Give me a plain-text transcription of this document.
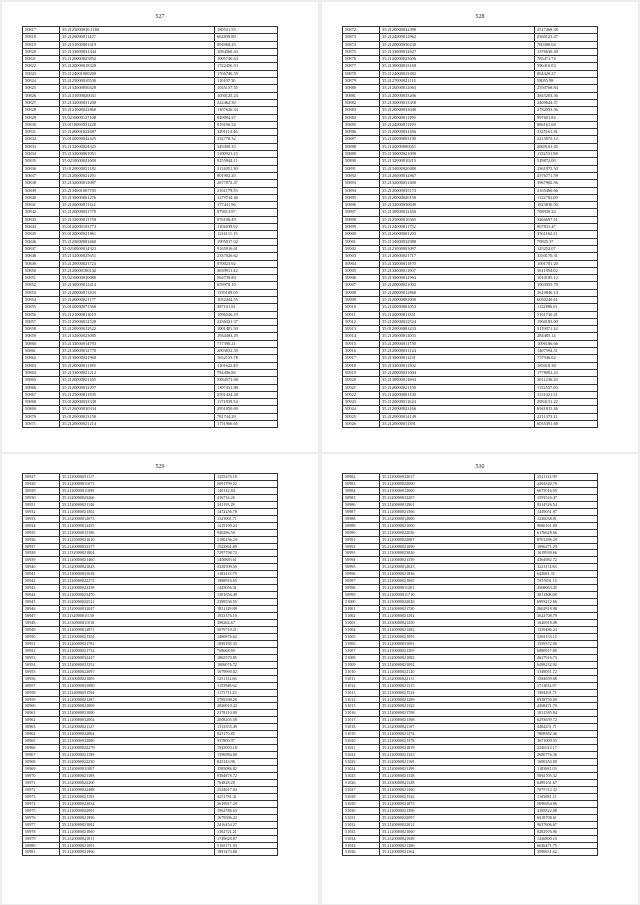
527
50817	35.2123000030.1160	180531.55
50818	35.2126090011427	662839.80
50819	35.2131000081419	894968.29
50820	35.2133000031344	1084560.43
50821	35.2126000025852	1005746.63
50822	35.2120000018328	1722456.53
50823	35.2124001000200	1766746.55
50824	35.2125000010530	110107.30
50825	35.2132000050428	1045157.55
50826	35.2131000020041	1050125.23
50827	35.2132000051200	222462.30
50828	35.2121000022860	1307626.34
50829	35.0210000127108	849094.37
50830	35.0110000031228	919196.54
50831	35.2126001022687	3291114.46
50832	35.0120000042425	332778.32
50833	35.2132000024325	349300.33
50834	35.2132000061051	1100921.23
50835	35.0210000021600	9255944.11
50836	35.0120000051182	3114051.30
50837	35.2120000021201	901902.20
50838	35.2132000012087	2677872.47
50839	35.2134001007705	2161179.55
50840	35.2130000061276	1279734.46
50841	35.2126000011122	177441.96
50842	35.2120000031779	879013.97
50843	35.2132000013758	876108.49
50844	35.0120000103773	1102039.02
50845	35.0120000021861	1216111.15
50846	35.2123000003460	1995017.02
50847	35.0210000014323	9165916.61
50848	35.2132000025651	2337026.62
50849	35.2120000021723	970023.92
50850	35.2120000100142	3639911.42
50851	35.0210000030080	564739.80
50852	35.2130000012414	659978.10
50853	35.2120000011203	1159109.09
50854	35.2126000021177	1052444.55
50855	35.0120000071568	387101.81
50856	35.2121000011019	1096546.19
50857	35.2125000012528	2236321.37
50858	35.2120000012522	1001481.50
50859	35.2132000023085	1934483.29
50860	35.2132000014793	717390.21
50861	35.2130000012770	2003652.35
50862	35.2130000021960	1652133.78
50863	35.2120000011189	1101622.49
50864	35.2133000021212	784406.86
50865	35.2120000021165	5384571.68
50866	35.2120000012297	1307431.88
50867	35.2125000011595	2591424.28
50868	35.0120000033338	1171839.54
50869	35.2126000030334	2951050.69
50870	35.0120000013150	781744.29
50871	35.2120000021214	1751966.65
528
50872	35.2120000032390	2517468.38
50873	35.2124000012962	2360123.47
50874	35.2120000030230	780380.04
50875	35.2133000012627	1376630.49
50876	35.2120000023606	785471.74
50877	35.2130000013168	596416.03
50878	35.2124000013482	864420.27
50879	35.2127000021114	58055.98
50880	35.2126000012063	2550768.84
50881	35.2120000033206	3845203.36
50882	35.2130000013358	2469644.57
50883	35.2120000033040	3782053.36
50884	35.2120000011199	997601.84
50885	35.2124000011199	886161.68
50886	35.2120000031456	3325161.81
50887	35.2120000003190	2215072.12
50888	35.2120000000051	2669161.45
50889	35.2130000021090	1152551.98
50890	35.2132000010215	529872.00
50891	35.2134000020480	2361975.50
50892	35.2126000012867	2576771.59
50893	35.2132000031400	3967982.56
50894	35.2120000035173	2165466.66
50895	35.2120000020150	1122781.09
50896	35.2132000030049	1823836.50
50897	35.2130000012450	768939.24
50898	35.2125000010365	3266697.51
50899	35.2124000011752	967831.47
50900	35.2126000001203	3561162.21
50901	35.2134000032988	79825.37
50902	35.2123000003097	125252.07
50903	35.2120000021717	3350170.31
50904	35.2132000011870	1001781.20
50905	35.2132000011907	3611954.02
50906	35.2130000012963	1010185.12
50907	35.2120000021002	1903955.79
50908	35.2120000012860	2610846.14
50909	35.2120000002009	6050240.61
50910	35.2120000001053	1122886.61
50911	35.2120000011351	5161730.41
50912	35.2120000012524	1960183.00
50913	35.0120000001233	3119071.34
50914	35.2120000011003	284485.14
50915	35.2120000011750	1096186.66
50916	35.2120000031124	1407594.51
50917	35.2130000011231	757946.62
50918	35.2132000011502	185018.38
50919	35.2120000031004	1778092.23
50920	35.2130000011694	3011236.29
50921	35.2126000021150	1152557.50
50922	35.2120000001130	1131021.31
50923	35.2120000011624	2984151.22
50924	35.2120000023166	6941815.46
50925	35.2120000014149	2211373.21
50926	35.2120000011391	6035391.68
529
50927	35.2120000031117	1255476.18
50928	35.2120000011071	2091799.52
50929	35.2120000011090	140132.84
50930	35.2120000023266	416734.26
50931	35.2120000021146	341193.28
50932	35.2120000021502	1472256.78
50933	35.2120000012073	1323901.71
50934	35.2120000012455	1415199.24
50935	35.2120000015186	946286.50
50936	35.2125000021610	2180236.24
50937	35.2120000032377	1522861.69
50938	35.2132000021804	7297798.72
50939	35.2120000021460	1450883.61
50940	35.2120000021043	3329599.50
50941	35.2130000031618	1183413.79
50942	35.2126000022272	1988916.65
50943	35.2120000023158	1445056.31
50944	35.2120000023470	1581656.49
50945	35.2120000022521	2389536.55
50946	35.2120000032047	1851129.88
50947	35.2132000011150	1923376.10
50948	35.2130000011018	498264.67
50949	35.2120000012871	5079719.21
50950	35.2120000021354	1480876.62
50951	35.2126000021781	1849185.35
50952	35.2120000021732	708668.69
50953	35.2120000032447	1865570.85
50954	35.2120000031252	1806076.72
50955	35.2120000022097	1079990.02
50956	35.2130000021005	1251112.66
50957	35.2120000031080	1153948.62
50958	35.2124000031594	1175711.25
50959	35.2120000021287	2789398.26
50960	35.2120000021069	2826910.42
50961	35.2120000031000	2378210.00
50962	35.2120000032002	2008205.58
50963	35.2120000021127	1313555.49
50964	35.2120000022864	825170.85
50965	35.2130000032080	357809.97
50966	35.2120000022279	1945003.18
50967	35.2120000021189	1396984.00
50968	35.2120000022230	843143.96
50969	35.2120000011007	3585086.82
50970	35.2120000021108	9384878.72
50971	35.2120000022200	764828.20
50972	35.2120000022488	2324617.04
50973	35.2120000021193	4251781.41
50974	35.2120000023034	3619917.29
50975	35.2120000022091	1962786.63
50976	35.2130000021996	1679586.23
50977	35.2120000021082	2416454.27
50978	35.2120000021060	1382721.21
50979	35.2120000021811	1749628.87
50980	35.2120000021091	5165171.93
50981	35.2120000021906	1891473.68
530
50982	35.2120000032017	2521122.99
50983	35.2120000022000	2494340.79
50984	35.2130000012000	6675016.59
50985	35.2120000032207	1593516.47
50986	35.2120000012961	9214526.54
50987	35.2120000021566	1449051.97
50988	35.2120000012000	1226038.81
50989	35.2120000021000	9686161.00
50990	35.2120000022026	6176628.66
50991	35.2120000022087	8701286.29
50992	35.2120000021096	1096271.29
50993	35.2130000023026	1619930.66
50994	35.2120000021359	4364982.72
50995	35.2120000012025	3221172.83
50996	35.2120000021836	642681.31
50997	35.2120000021065	7057691.15
50998	35.2120000011201	4568063.45
50999	35.2120000011710	3811508.08
51000	35.2130000022026	6893212.66
51001	35.2120000021720	2662818.98
51002	35.2120000021292	3622708.79
51003	35.2130000021250	1620918.08
51004	35.2120000021282	1339486.24
51005	35.2120000021095	5263133.12
51006	35.2120000031691	1559372.06
51007	35.2130000021305	6880917.80
51008	35.2120000021082	4627916.73
51009	35.2120000021092	6498232.92
51010	35.2120000022120	1549051.72
51011	35.2120000022111	1584659.88
51012	35.2120000021315	1711652.97
51013	35.2130000021524	1994201.71
51014	35.2120000021389	6958750.00
51015	35.2120000021322	4368471.70
51016	35.2120000021708	1031585.84
51017	35.2120000021368	6293659.72
51018	35.2120000021197	4484251.71
51019	35.2120000021374	7808382.46
51020	35.2120000021378	3671009.53
51021	35.2120000021819	2226512.17
51022	35.2120000021323	2680776.36
51023	35.2120000021169	1690354.00
51024	35.2120000021199	1183681.03
51025	35.2120000021328	5092705.32
51026	35.2130000021328	6489161.67
51027	35.2120000021360	7075712.32
51028	35.2120000021322	1105081.11
51029	35.2120000021875	5096954.96
51030	35.2120000021396	4185822.08
51031	35.2120000022097	6018708.61
51032	35.2120000022012	9637606.67
51033	35.2120000021060	8282976.96
51034	35.2120000021949	1226890.10
51035	35.2120000021386	6626471.75
51036	35.2120000021364	3090631.62
